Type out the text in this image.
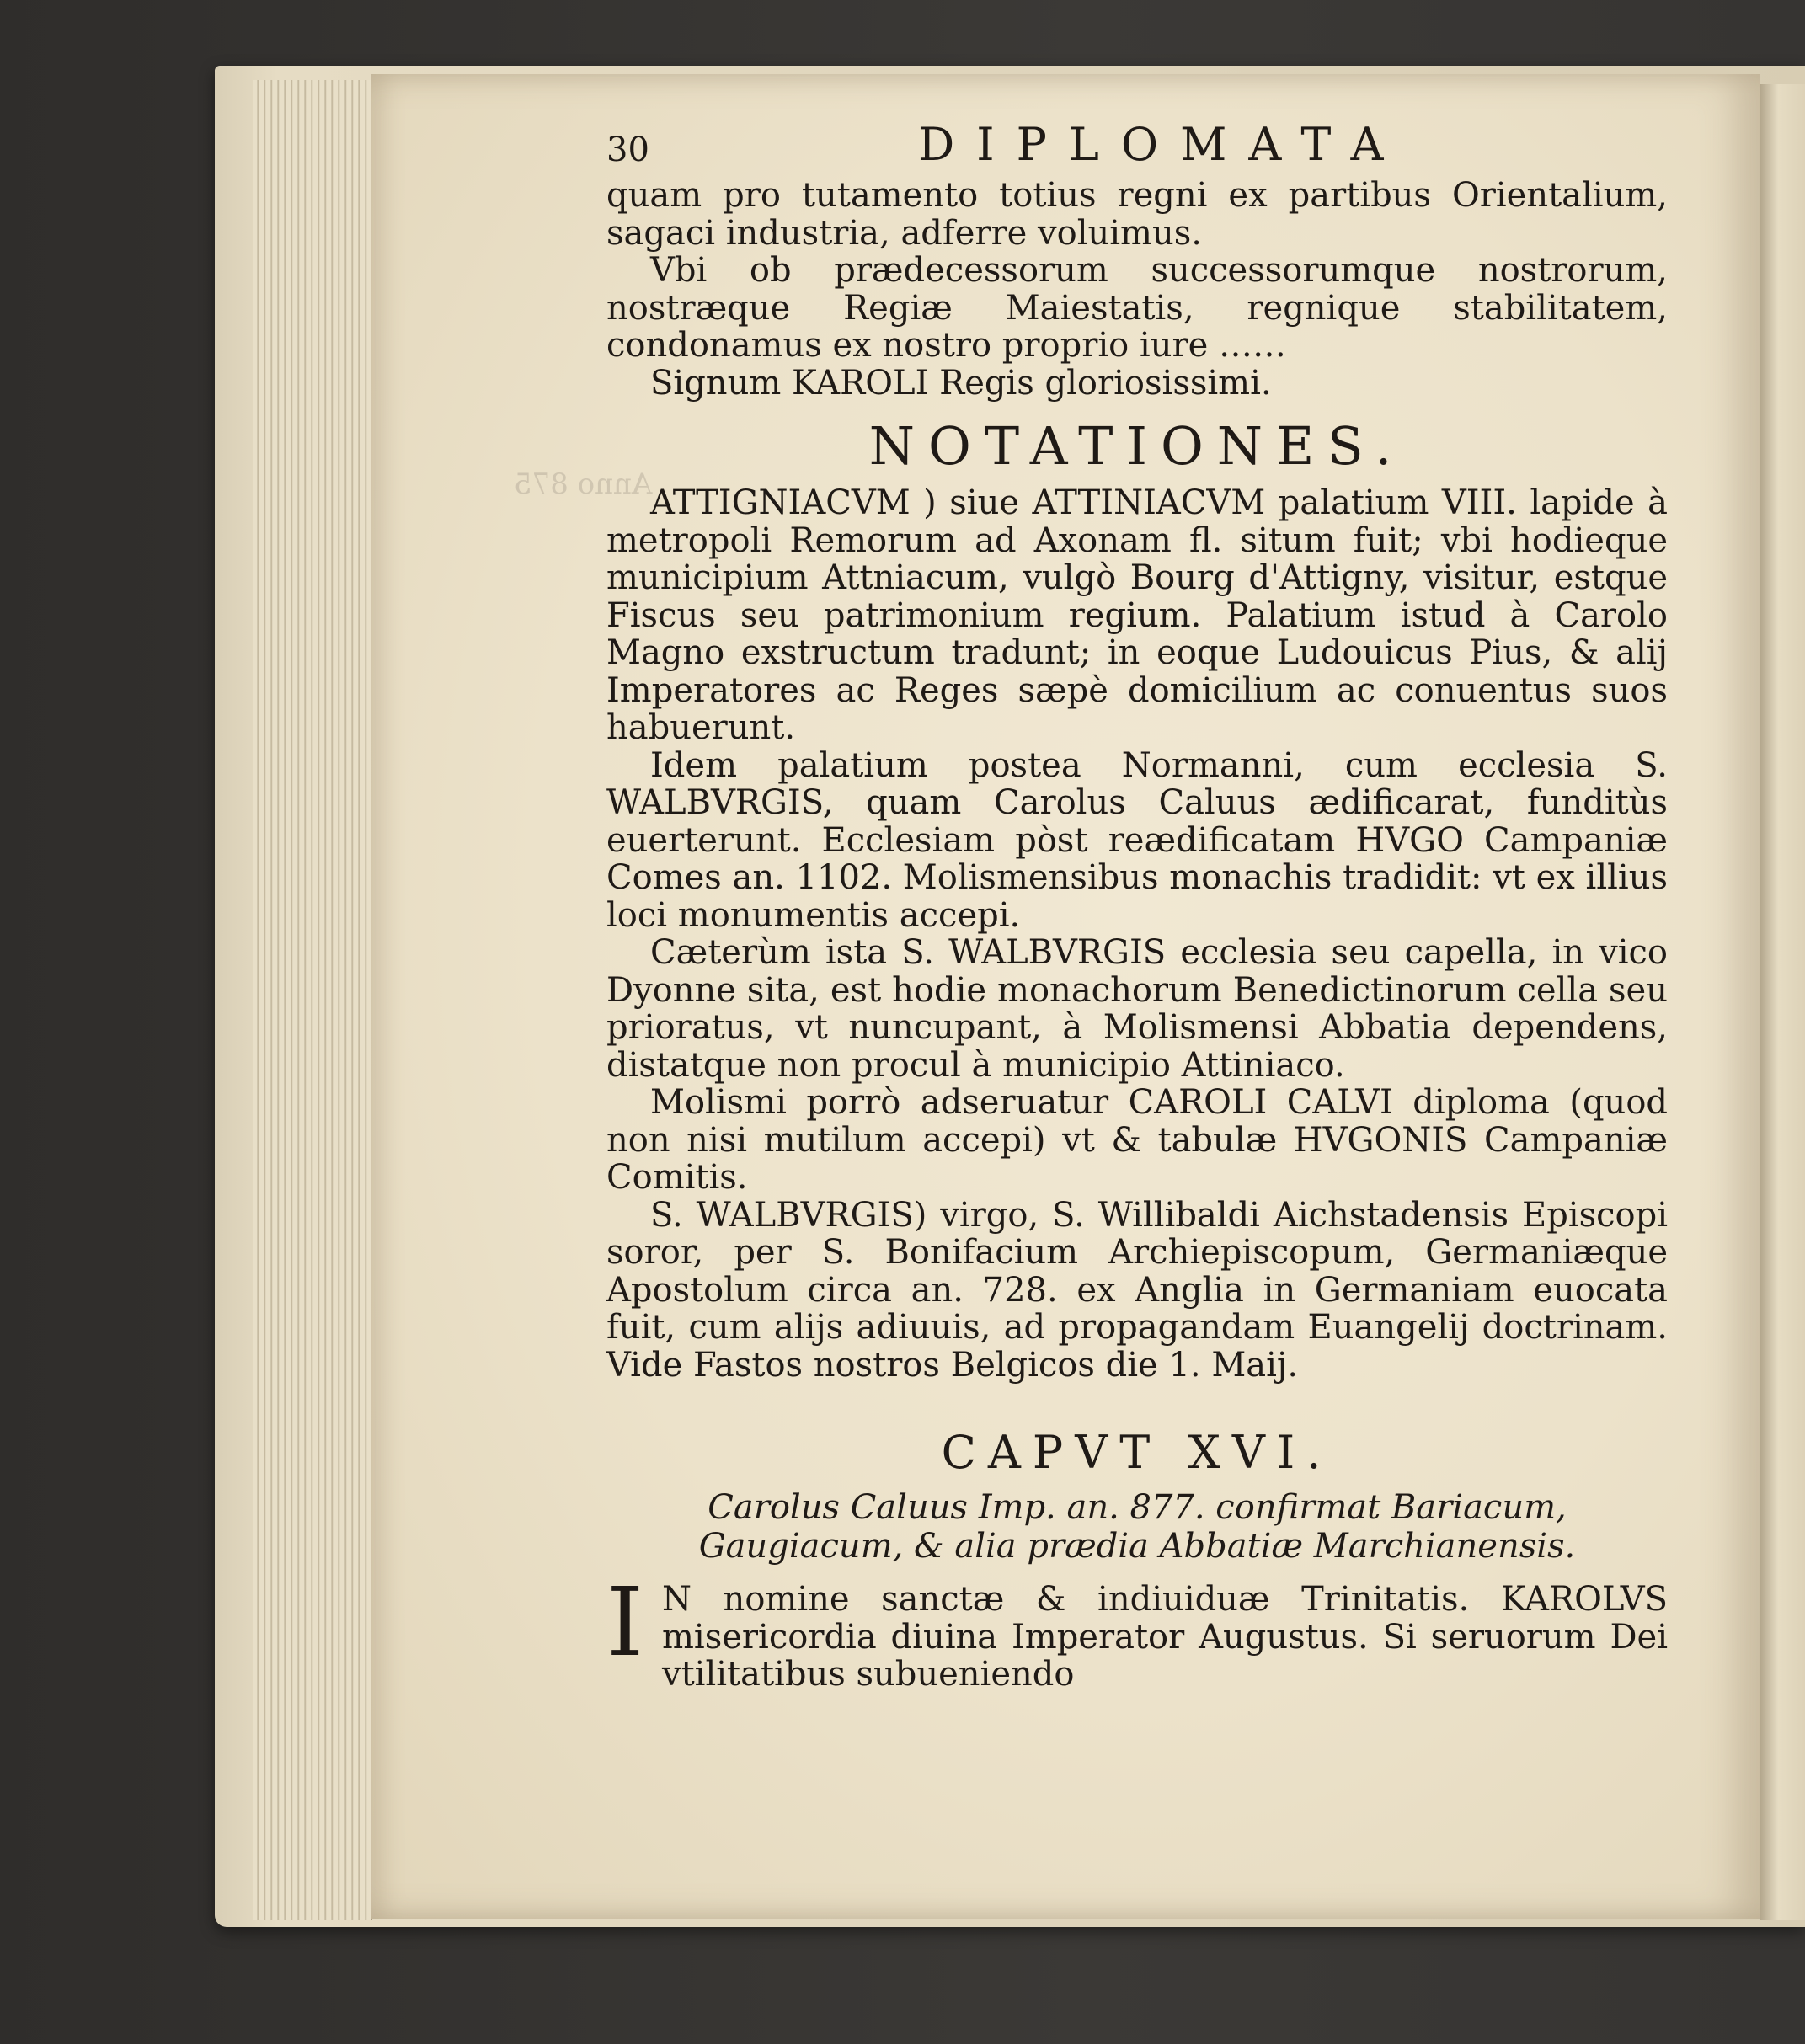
Anno 875
30	DIPLOMATA

quam pro tutamento totius regni ex partibus Orientalium, sagaci industria, adferre voluimus.

Vbi ob prædecessorum successorumque nostrorum, nostræque Regiæ Maiestatis, regnique stabilitatem, condonamus ex nostro proprio iure ……

Signum KAROLI Regis gloriosissimi.

NOTATIONES.

ATTIGNIACVM ) siue ATTINIACVM palatium VIII. lapide à metropoli Remorum ad Axonam fl. situm fuit; vbi hodieque municipium Attniacum, vulgò Bourg d'Attigny, visitur, estque Fiscus seu patrimonium regium. Palatium istud à Carolo Magno exstructum tradunt; in eoque Ludouicus Pius, & alij Imperatores ac Reges sæpè domicilium ac conuentus suos habuerunt.

Idem palatium postea Normanni, cum ecclesia S. WALBVRGIS, quam Carolus Caluus ædificarat, funditùs euerterunt. Ecclesiam pòst reædificatam HVGO Campaniæ Comes an. 1102. Molismensibus monachis tradidit: vt ex illius loci monumentis accepi.

Cæterùm ista S. WALBVRGIS ecclesia seu capella, in vico Dyonne sita, est hodie monachorum Benedictinorum cella seu prioratus, vt nuncupant, à Molismensi Abbatia dependens, distatque non procul à municipio Attiniaco.

Molismi porrò adseruatur CAROLI CALVI diploma (quod non nisi mutilum accepi) vt & tabulæ HVGONIS Campaniæ Comitis.

S. WALBVRGIS) virgo, S. Willibaldi Aichstadensis Episcopi soror, per S. Bonifacium Archiepiscopum, Germaniæque Apostolum circa an. 728. ex Anglia in Germaniam euocata fuit, cum alijs adiuuis, ad propagandam Euangelij doctrinam. Vide Fastos nostros Belgicos die 1. Maij.

CAPVT XVI.
Carolus Caluus Imp. an. 877. confirmat Bariacum, Gaugiacum, & alia prædia Abbatiæ Marchianensis.
I N nomine sanctæ & indiuiduæ Trinitatis. KAROLVS misericordia diuina Imperator Augustus. Si seruorum Dei vtilitatibus subueniendo
